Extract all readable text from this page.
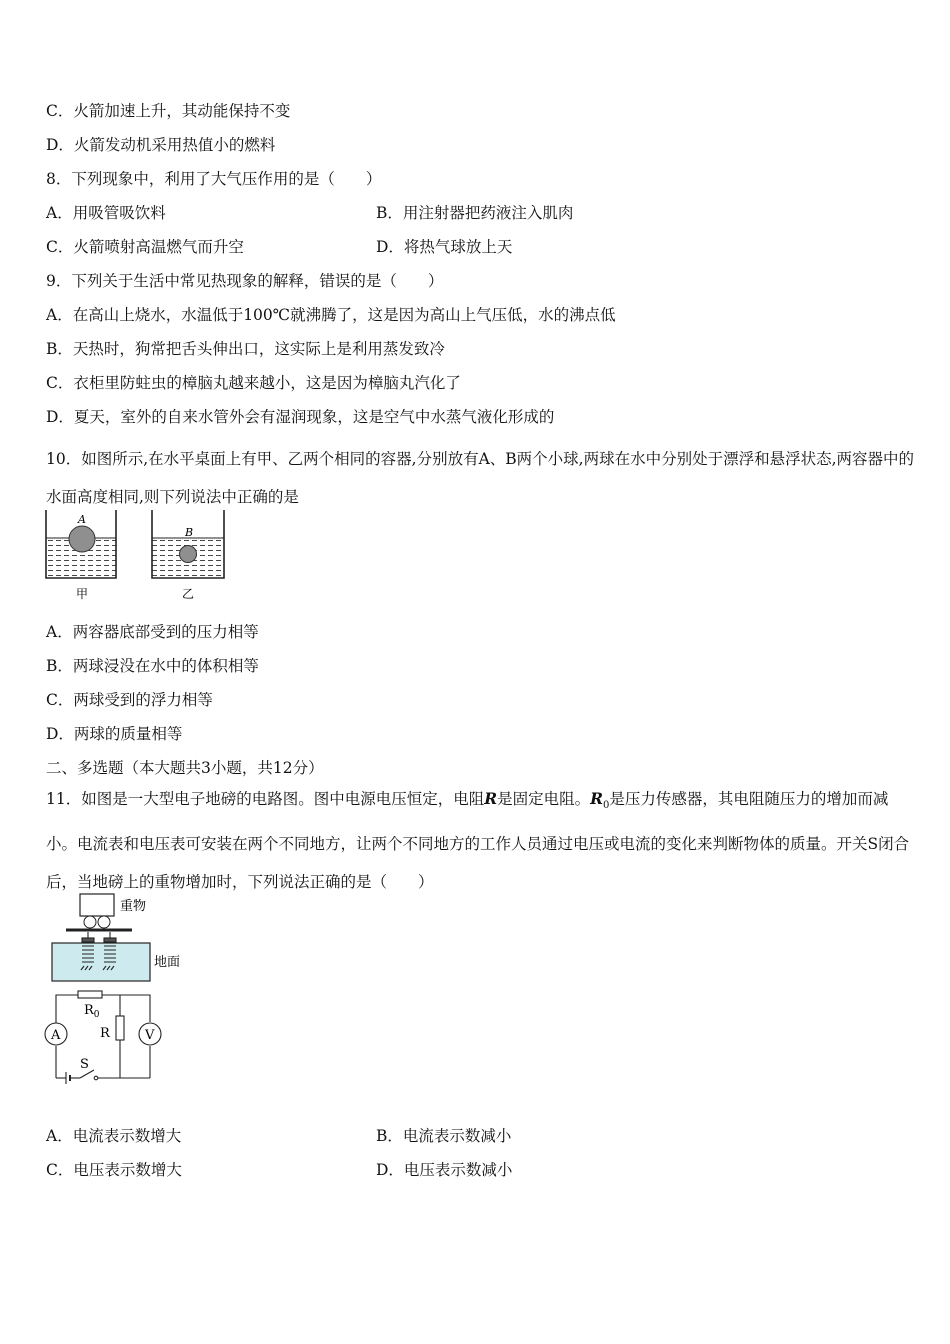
C．火箭加速上升，其动能保持不变
D．火箭发动机采用热值小的燃料
8．下列现象中，利用了大气压作用的是（　　）
A．用吸管吸饮料	B．用注射器把药液注入肌肉
C．火箭喷射高温燃气而升空	D．将热气球放上天
9．下列关于生活中常见热现象的解释，错误的是（　　）
A．在高山上烧水，水温低于100℃就沸腾了，这是因为高山上气压低，水的沸点低
B．天热时，狗常把舌头伸出口，这实际上是利用蒸发致冷
C．衣柜里防蛀虫的樟脑丸越来越小，这是因为樟脑丸汽化了
D．夏天，室外的自来水管外会有湿润现象，这是空气中水蒸气液化形成的
10．如图所示,在水平桌面上有甲、乙两个相同的容器,分别放有A、B两个小球,两球在水中分别处于漂浮和悬浮状态,两容器中的水面高度相同,则下列说法中正确的是
A
甲
B
乙
A．两容器底部受到的压力相等
B．两球浸没在水中的体积相等
C．两球受到的浮力相等
D．两球的质量相等
二、多选题（本大题共3小题，共12分）
11．如图是一大型电子地磅的电路图。图中电源电压恒定，电阻R是固定电阻。$R_0$是压力传感器，其电阻随压力的增加而减小。电流表和电压表可安装在两个不同地方，让两个不同地方的工作人员通过电压或电流的变化来判断物体的质量。开关S闭合后，当地磅上的重物增加时，下列说法正确的是（　　）
重物
地面
A	V
$R_0$
R
S
A．电流表示数增大	B．电流表示数减小
C．电压表示数增大	D．电压表示数减小
